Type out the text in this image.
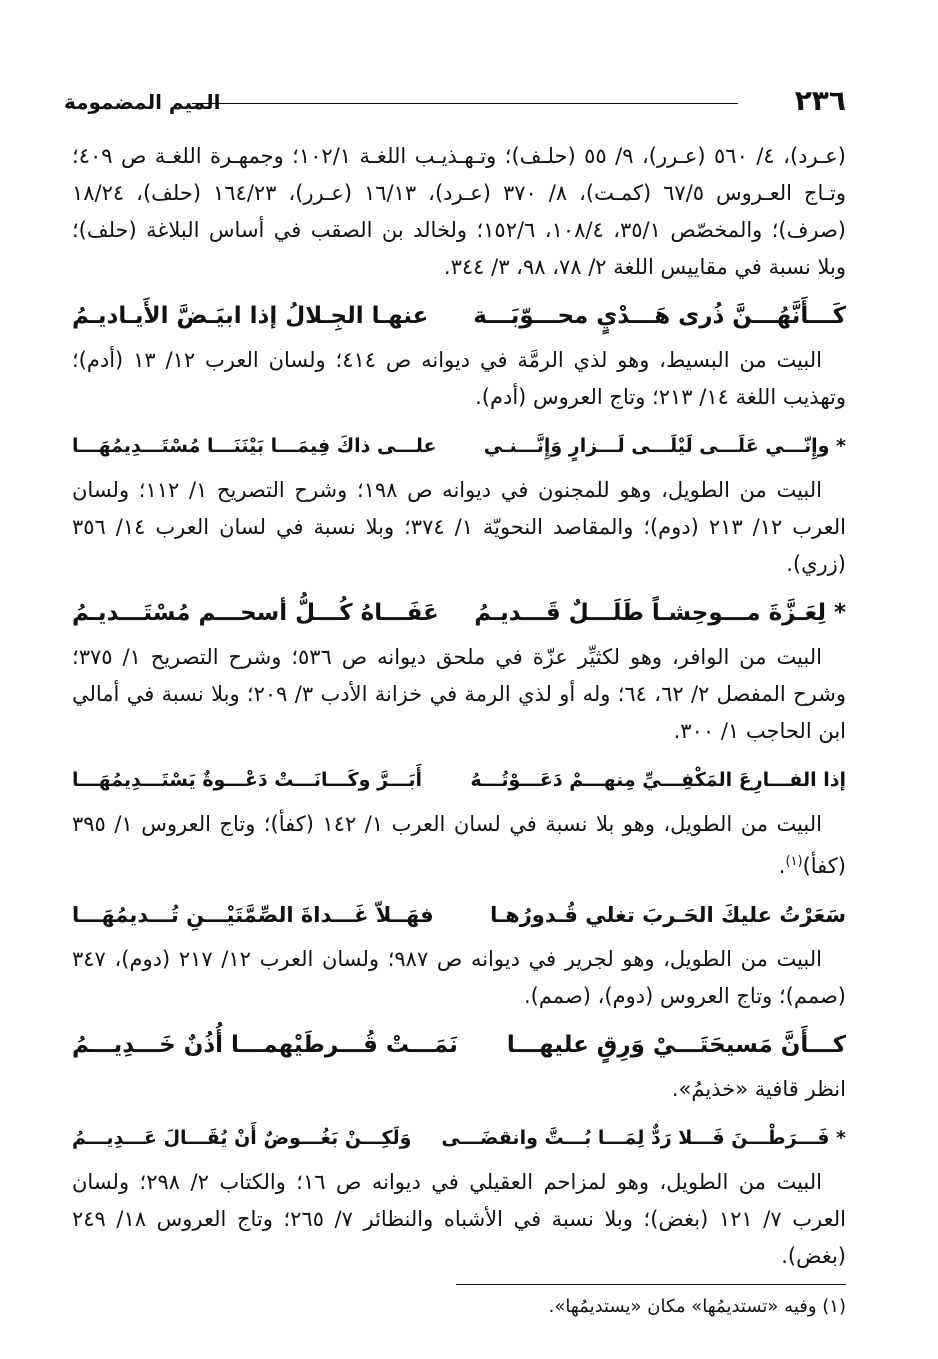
٢٣٦
الميم المضمومة

(عـرد)، ٤/ ٥٦٠ (عـرر)، ٩/ ٥٥ (حلـف)؛ وتـهـذيـب اللغـة ١٠٢/١؛ وجمهـرة اللغـة ص ٤٠٩؛ وتـاج العـروس ٦٧/٥ (كمـت)، ٨/ ٣٧٠ (عـرد)، ١٦/١٣ (عـرر)، ١٦٤/٢٣ (حلف)، ١٨/٢٤ (صرف)؛ والمخصّص ٣٥/١، ١٠٨/٤، ١٥٢/٦؛ ولخالد بن الصقب في أساس البلاغة (حلف)؛ وبلا نسبة في مقاييس اللغة ٢/ ٧٨، ٩٨، ٣/ ٣٤٤.

كَـــأَنَّهُـــنَّ ذُرى هَـــدْيٍ محـــوّبَـــة
عنهـا الجِـلالُ إذا ابيَـضَّ الأَيـاديـمُ

البيت من البسيط، وهو لذي الرمَّة في ديوانه ص ٤١٤؛ ولسان العرب ١٢/ ١٣ (أدم)؛ وتهذيب اللغة ١٤/ ٢١٣؛ وتاج العروس (أدم).

* وإِنّـــي عَلَـــى لَيْلَـــى لَـــزارٍ وَإِنَّـــنـي
علـــى ذاكَ فِيمَـــا بَيْنَنَـــا مُسْتَـــدِيمُهَـــا

البيت من الطويل، وهو للمجنون في ديوانه ص ١٩٨؛ وشرح التصريح ١/ ١١٢؛ ولسان العرب ١٢/ ٢١٣ (دوم)؛ والمقاصد النحويّة ١/ ٣٧٤؛ وبلا نسبة في لسان العرب ١٤/ ٣٥٦ (زري).

* لِعَـزَّةَ مـــوحِشـاً طَلَـــلٌ قَـــديـمُ
عَفَـــاهُ كُـــلُّ أسحـــم مُسْتَـــديـمُ

البيت من الوافر، وهو لكثيِّر عزّة في ملحق ديوانه ص ٥٣٦؛ وشرح التصريح ١/ ٣٧٥؛ وشرح المفصل ٢/ ٦٢، ٦٤؛ وله أو لذي الرمة في خزانة الأدب ٣/ ٢٠٩؛ وبلا نسبة في أمالي ابن الحاجب ١/ ٣٠٠.

إذا الفـــارِعَ المَكْفِـــيِّ مِنهـــمْ دَعَـــوْتُـــهُ
أَبَـــرَّ وكَـــانَـــتْ دَعْـــوةٌ يَسْتَـــدِيمُهَـــا

البيت من الطويل، وهو بلا نسبة في لسان العرب ١/ ١٤٢ (كفأ)؛ وتاج العروس ١/ ٣٩٥ (كفأ)$^{(١)}$.

سَعَرْتُ عليكَ الحَـربَ تغلي قُـدورُهـا
فهَــلاّ غَـــداةَ الصِّمَّتَيْـــنِ تُـــديمُهَـــا

البيت من الطويل، وهو لجرير في ديوانه ص ٩٨٧؛ ولسان العرب ١٢/ ٢١٧ (دوم)، ٣٤٧ (صمم)؛ وتاج العروس (دوم)، (صمم).

كـــأَنَّ مَسيحَتَـــيْ وَرِقٍ عليهـــا
نَمَـــتْ قُـــرطَيْهمـــا أُذُنٌ خَـــدِيـــمُ

انظر قافية «خذيمُ».

* فَـــرَطْـــنَ فَـــلا رَدٌّ لِمَـــا بُـــتَّ وانقضَـــى
وَلَكِـــنْ بَغُـــوضٌ أَنْ يُقَـــالَ عَـــدِيـــمُ

البيت من الطويل، وهو لمزاحم العقيلي في ديوانه ص ١٦؛ والكتاب ٢/ ٢٩٨؛ ولسان العرب ٧/ ١٢١ (بغض)؛ وبلا نسبة في الأشباه والنظائر ٧/ ٢٦٥؛ وتاج العروس ١٨/ ٢٤٩ (بغض).

(١) وفيه «تستديمُها» مكان «يستديمُها».
